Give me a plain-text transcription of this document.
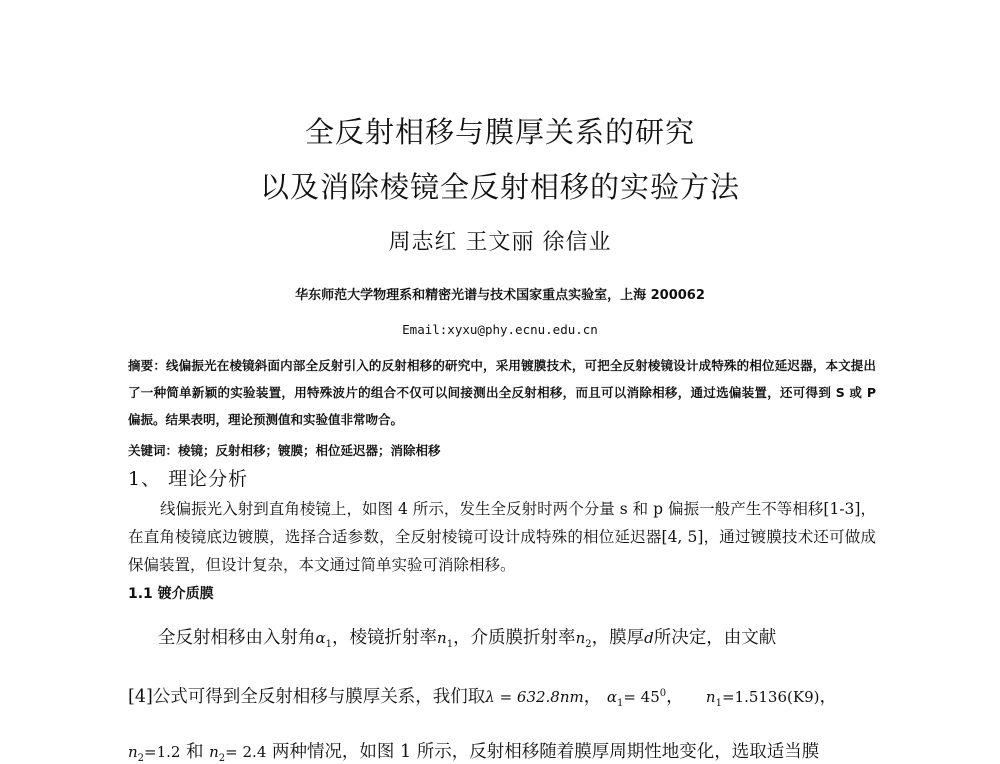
全反射相移与膜厚关系的研究
以及消除棱镜全反射相移的实验方法
周志红 王文丽 徐信业
华东师范大学物理系和精密光谱与技术国家重点实验室，上海 200062
Email:xyxu@phy.ecnu.edu.cn
摘要：线偏振光在棱镜斜面内部全反射引入的反射相移的研究中，采用镀膜技术，可把全反射棱镜设计成特殊的相位延迟器，本文提出了一种简单新颖的实验装置，用特殊波片的组合不仅可以间接测出全反射相移，而且可以消除相移，通过选偏装置，还可得到 S 或 P 偏振。结果表明，理论预测值和实验值非常吻合。
关键词：棱镜；反射相移；镀膜；相位延迟器；消除相移
1、 理论分析
线偏振光入射到直角棱镜上，如图 4 所示，发生全反射时两个分量 s 和 p 偏振一般产生不等相移[1-3]，在直角棱镜底边镀膜，选择合适参数，全反射棱镜可设计成特殊的相位延迟器[4, 5]，通过镀膜技术还可做成保偏装置，但设计复杂，本文通过简单实验可消除相移。
1.1 镀介质膜
全反射相移由入射角$\alpha_1$，棱镜折射率$n_1$，介质膜折射率$n_2$，膜厚d所决定，由文献
[4]公式可得到全反射相移与膜厚关系，我们取λ = 632.8nm， $\alpha_1= 45^0$， $n_1=1.5136(K9)$，
$n_2=1.2$ 和 $n_2= 2.4$ 两种情况，如图 1 所示，反射相移随着膜厚周期性地变化，选取适当膜
